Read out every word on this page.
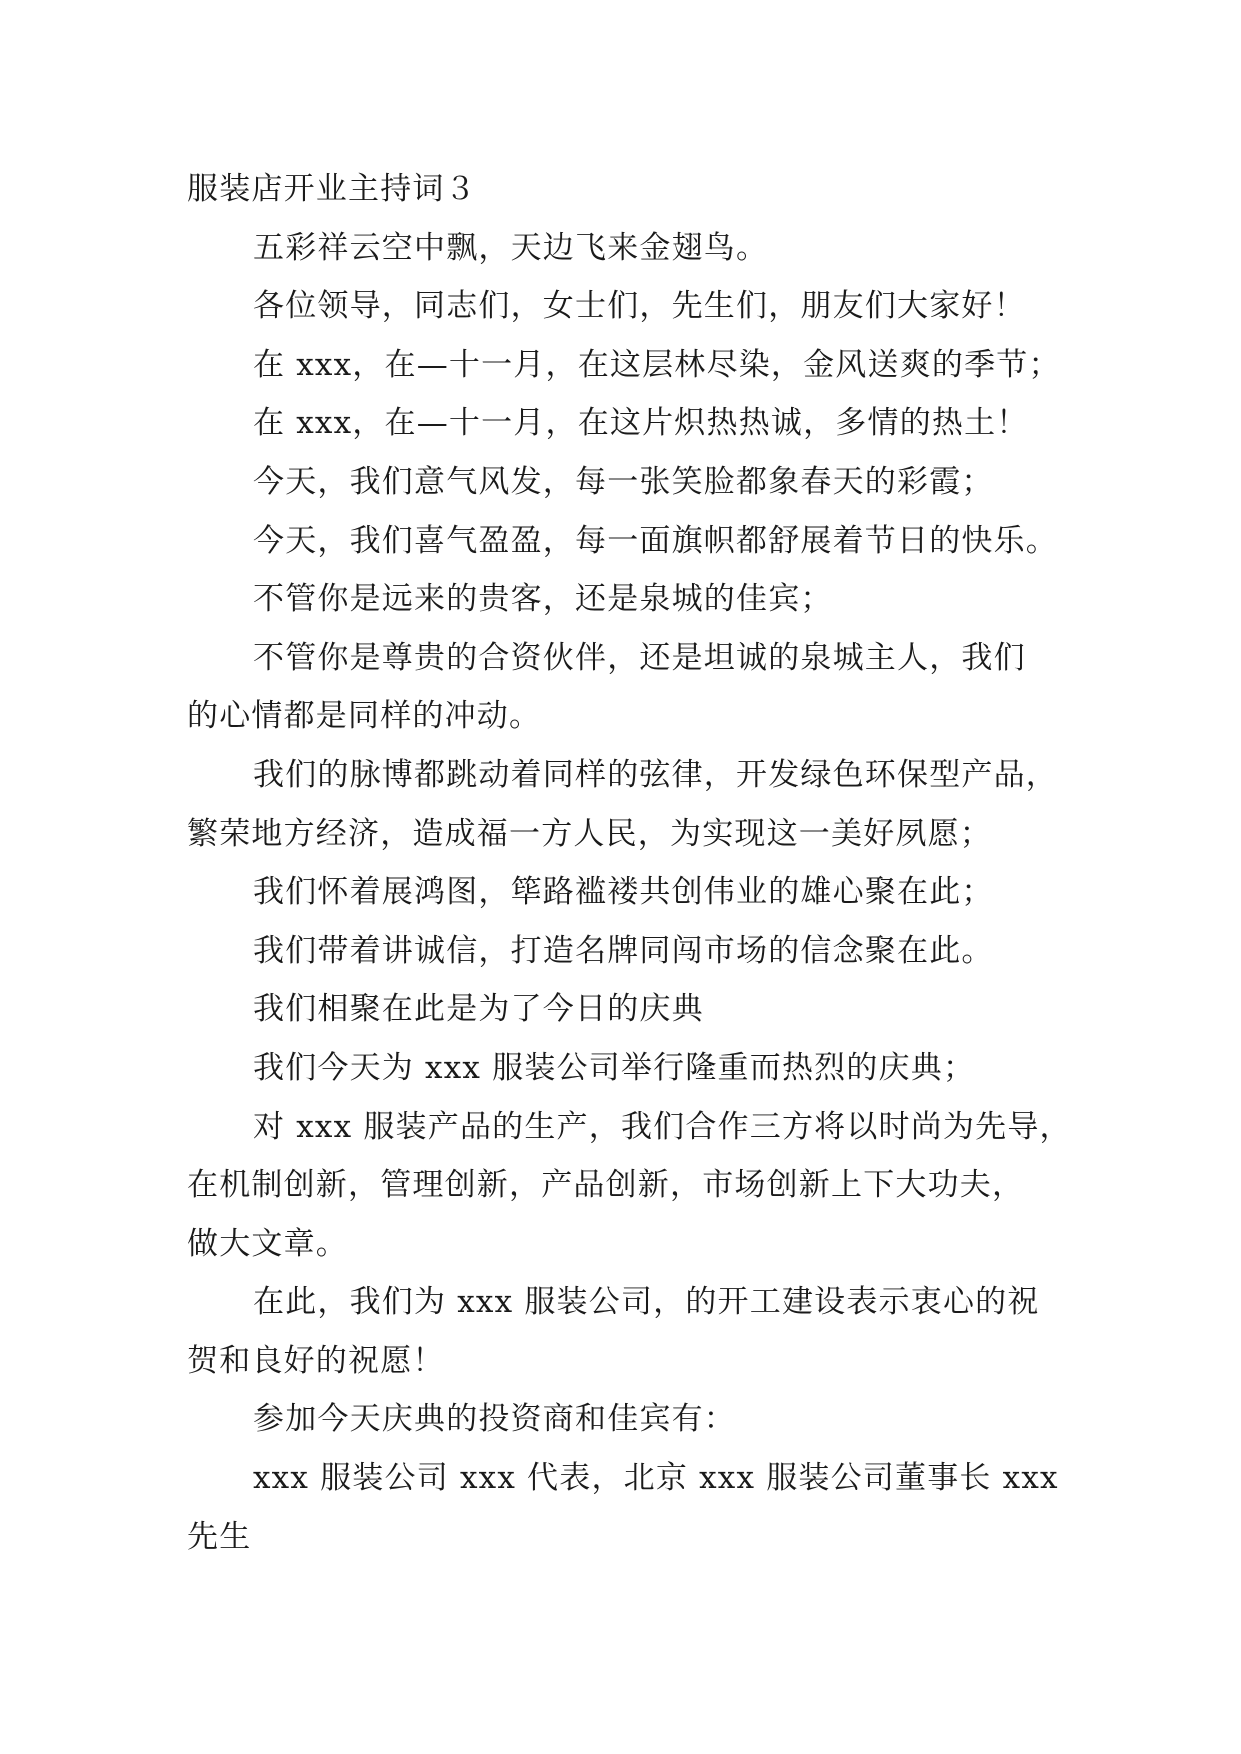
服装店开业主持词３
五彩祥云空中飘，天边飞来金翅鸟。
各位领导，同志们，女士们，先生们，朋友们大家好！
在 xxx，在—十一月，在这层林尽染，金风送爽的季节；
在 xxx，在—十一月，在这片炽热热诚，多情的热土！
今天，我们意气风发，每一张笑脸都象春天的彩霞；
今天，我们喜气盈盈，每一面旗帜都舒展着节日的快乐。
不管你是远来的贵客，还是泉城的佳宾；
不管你是尊贵的合资伙伴，还是坦诚的泉城主人，我们
的心情都是同样的冲动。
我们的脉博都跳动着同样的弦律，开发绿色环保型产品，
繁荣地方经济，造成福一方人民，为实现这一美好夙愿；
我们怀着展鸿图，筚路褴褛共创伟业的雄心聚在此；
我们带着讲诚信，打造名牌同闯市场的信念聚在此。
我们相聚在此是为了今日的庆典
我们今天为 xxx 服装公司举行隆重而热烈的庆典；
对 xxx 服装产品的生产，我们合作三方将以时尚为先导，
在机制创新，管理创新，产品创新，市场创新上下大功夫，
做大文章。
在此，我们为 xxx 服装公司，的开工建设表示衷心的祝
贺和良好的祝愿！
参加今天庆典的投资商和佳宾有：
xxx 服装公司 xxx 代表，北京 xxx 服装公司董事长 xxx
先生
